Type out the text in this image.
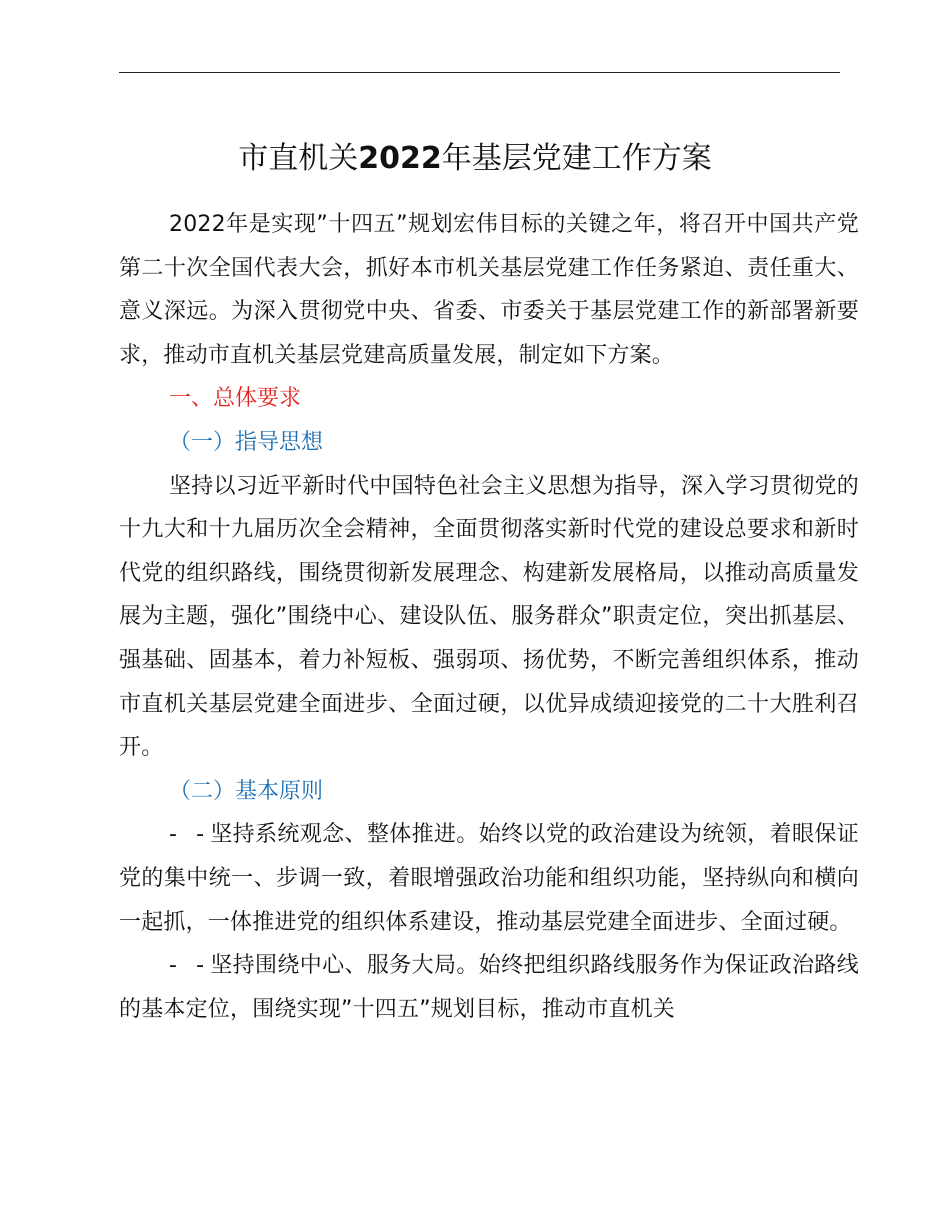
市直机关2022年基层党建工作方案

2022年是实现”十四五”规划宏伟目标的关键之年，将召开中国共产党第二十次全国代表大会，抓好本市机关基层党建工作任务紧迫、责任重大、意义深远。为深入贯彻党中央、省委、市委关于基层党建工作的新部署新要求，推动市直机关基层党建高质量发展，制定如下方案。

一、总体要求

（一）指导思想

坚持以习近平新时代中国特色社会主义思想为指导，深入学习贯彻党的十九大和十九届历次全会精神，全面贯彻落实新时代党的建设总要求和新时代党的组织路线，围绕贯彻新发展理念、构建新发展格局，以推动高质量发展为主题，强化”围绕中心、建设队伍、服务群众”职责定位，突出抓基层、强基础、固基本，着力补短板、强弱项、扬优势，不断完善组织体系，推动市直机关基层党建全面进步、全面过硬，以优异成绩迎接党的二十大胜利召开。

（二）基本原则

- -坚持系统观念、整体推进。始终以党的政治建设为统领，着眼保证党的集中统一、步调一致，着眼增强政治功能和组织功能，坚持纵向和横向一起抓，一体推进党的组织体系建设，推动基层党建全面进步、全面过硬。

- -坚持围绕中心、服务大局。始终把组织路线服务作为保证政治路线的基本定位，围绕实现”十四五”规划目标，推动市直机关
